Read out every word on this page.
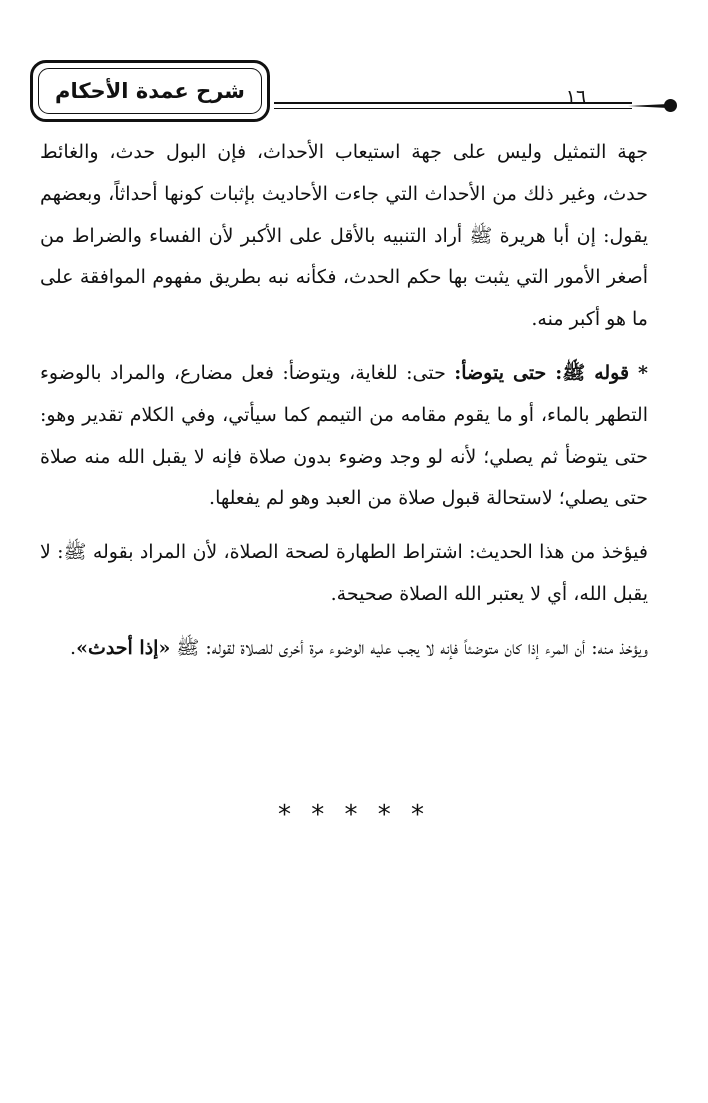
شرح عمدة الأحكام	١٦

جهة التمثيل وليس على جهة استيعاب الأحداث، فإن البول حدث، والغائط حدث، وغير ذلك من الأحداث التي جاءت الأحاديث بإثبات كونها أحداثاً، وبعضهم يقول: إن أبا هريرة ﷺ أراد التنبيه بالأقل على الأكبر لأن الفساء والضراط من أصغر الأمور التي يثبت بها حكم الحدث، فكأنه نبه بطريق مفهوم الموافقة على ما هو أكبر منه.

* قوله ﷺ: حتى يتوضأ: حتى: للغاية، ويتوضأ: فعل مضارع، والمراد بالوضوء التطهر بالماء، أو ما يقوم مقامه من التيمم كما سيأتي، وفي الكلام تقدير وهو: حتى يتوضأ ثم يصلي؛ لأنه لو وجد وضوء بدون صلاة فإنه لا يقبل الله منه صلاة حتى يصلي؛ لاستحالة قبول صلاة من العبد وهو لم يفعلها.

فيؤخذ من هذا الحديث: اشتراط الطهارة لصحة الصلاة، لأن المراد بقوله ﷺ: لا يقبل الله، أي لا يعتبر الله الصلاة صحيحة.

ويؤخذ منه: أن المرء إذا كان متوضئاً فإنه لا يجب عليه الوضوء مرة أخرى للصلاة لقوله: ﷺ «إذا أحدث».

* * * * *
